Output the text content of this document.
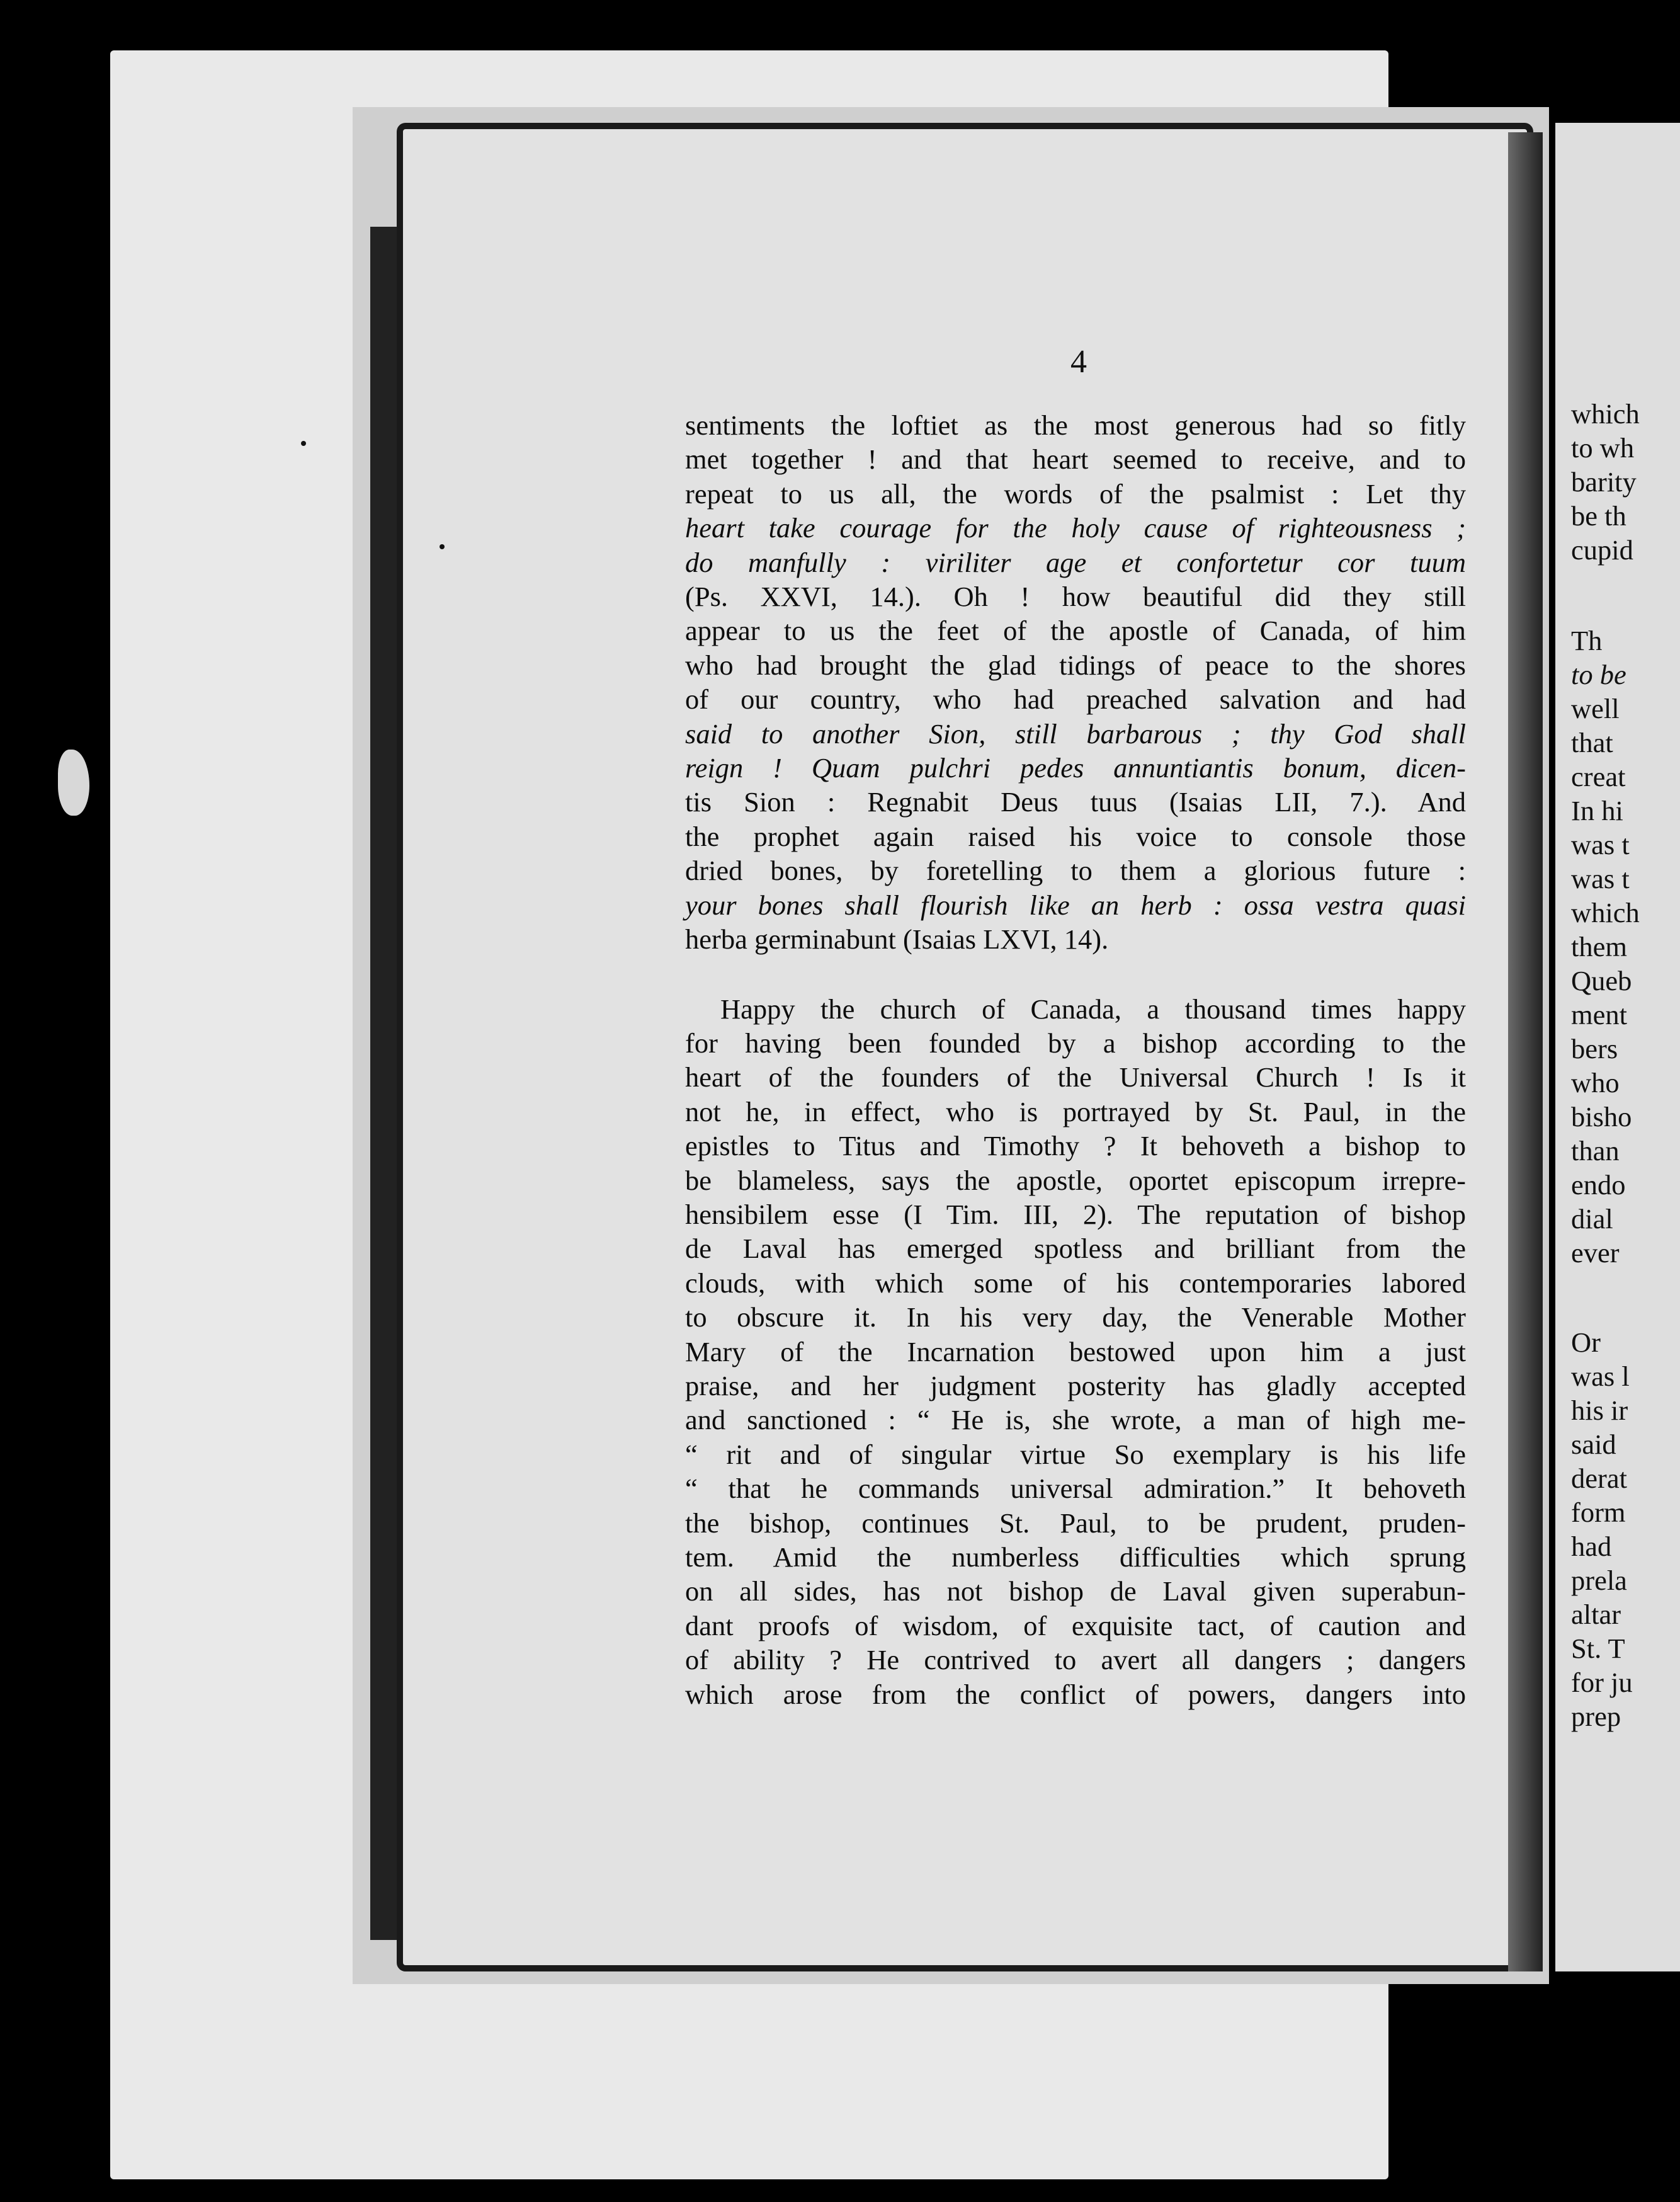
4
sentiments the loftiet as the most generous had so fitly
met together ! and that heart seemed to receive, and to
repeat to us all, the words of the psalmist : Let thy
heart take courage for the holy cause of righteousness ;
do manfully : viriliter age et confortetur cor tuum
(Ps. XXVI, 14.). Oh ! how beautiful did they still
appear to us the feet of the apostle of Canada, of him
who had brought the glad tidings of peace to the shores
of our country, who had preached salvation and had
said to another Sion, still barbarous ; thy God shall
reign ! Quam pulchri pedes annuntiantis bonum, dicen-
tis Sion : Regnabit Deus tuus (Isaias LII, 7.). And
the prophet again raised his voice to console those
dried bones, by foretelling to them a glorious future :
your bones shall flourish like an herb : ossa vestra quasi
herba germinabunt (Isaias LXVI, 14).
Happy the church of Canada, a thousand times happy
for having been founded by a bishop according to the
heart of the founders of the Universal Church ! Is it
not he, in effect, who is portrayed by St. Paul, in the
epistles to Titus and Timothy ? It behoveth a bishop to
be blameless, says the apostle, oportet episcopum irrepre-
hensibilem esse (I Tim. III, 2). The reputation of bishop
de Laval has emerged spotless and brilliant from the
clouds, with which some of his contemporaries labored
to obscure it. In his very day, the Venerable Mother
Mary of the Incarnation bestowed upon him a just
praise, and her judgment posterity has gladly accepted
and sanctioned : “ He is, she wrote, a man of high me-
“ rit and of singular virtue So exemplary is his life
“ that he commands universal admiration.” It behoveth
the bishop, continues St. Paul, to be prudent, pruden-
tem. Amid the numberless difficulties which sprung
on all sides, has not bishop de Laval given superabun-
dant proofs of wisdom, of exquisite tact, of caution and
of ability ? He contrived to avert all dangers ; dangers
which arose from the conflict of powers, dangers into
which
to wh
barity
be th
cupid
Th
to be
well
that
creat
In hi
was t
was t
which
them
Queb
ment
bers
who
bisho
than
endo
dial
ever
Or
was l
his ir
said
derat
form
had
prela
altar
St. T
for ju
prep
